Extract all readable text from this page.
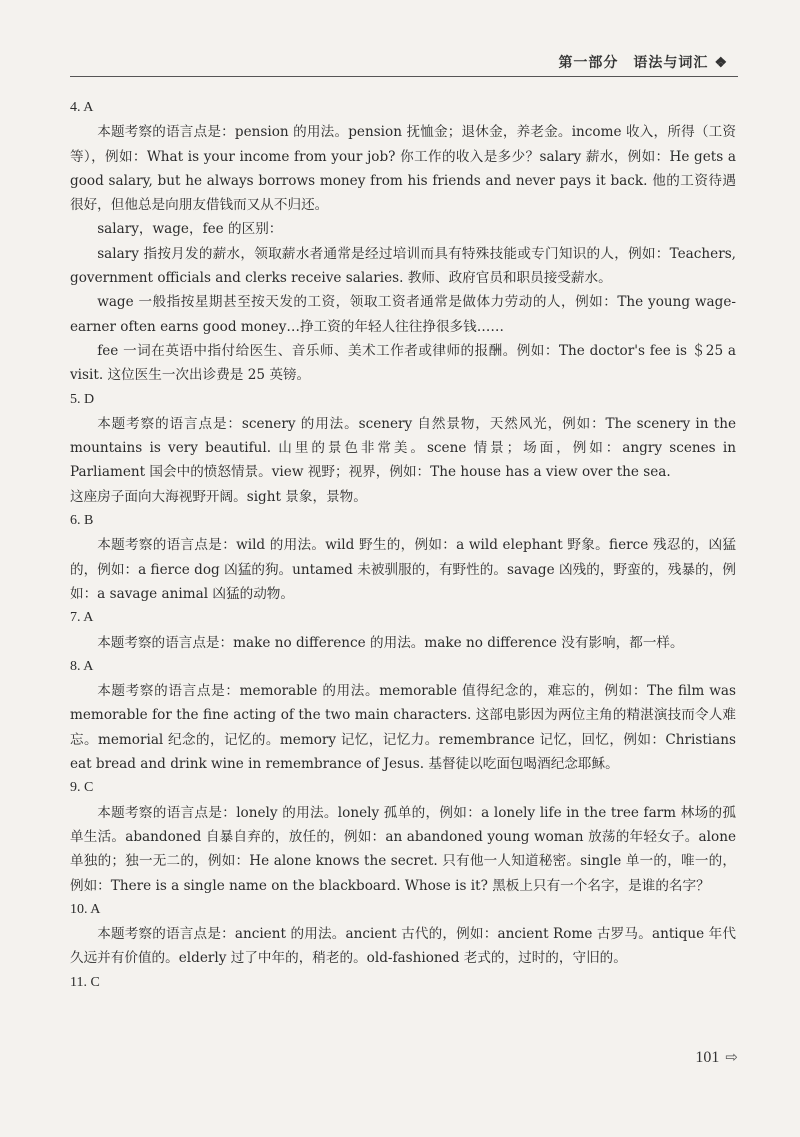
第一部分　语法与词汇 ❖
4. A

本题考察的语言点是：pension 的用法。pension 抚恤金；退休金，养老金。income 收入，所得（工资等），例如：What is your income from your job? 你工作的收入是多少？salary 薪水，例如：He gets a good salary, but he always borrows money from his friends and never pays it back. 他的工资待遇很好，但他总是向朋友借钱而又从不归还。

salary，wage，fee 的区别：

salary 指按月发的薪水，领取薪水者通常是经过培训而具有特殊技能或专门知识的人，例如：Teachers, government officials and clerks receive salaries. 教师、政府官员和职员接受薪水。

wage 一般指按星期甚至按天发的工资，领取工资者通常是做体力劳动的人，例如：The young wage-earner often earns good money…挣工资的年轻人往往挣很多钱……

fee 一词在英语中指付给医生、音乐师、美术工作者或律师的报酬。例如：The doctor's fee is ＄25 a visit. 这位医生一次出诊费是 25 英镑。

5. D

本题考察的语言点是：scenery 的用法。scenery 自然景物，天然风光，例如：The scenery in the mountains is very beautiful. 山里的景色非常美。scene 情景；场面，例如：angry scenes in Parliament 国会中的愤怒情景。view 视野；视界，例如：The house has a view over the sea.

这座房子面向大海视野开阔。sight 景象，景物。

6. B

本题考察的语言点是：wild 的用法。wild 野生的，例如：a wild elephant 野象。fierce 残忍的，凶猛的，例如：a fierce dog 凶猛的狗。untamed 未被驯服的，有野性的。savage 凶残的，野蛮的，残暴的，例如：a savage animal 凶猛的动物。

7. A

本题考察的语言点是：make no difference 的用法。make no difference 没有影响，都一样。

8. A

本题考察的语言点是：memorable 的用法。memorable 值得纪念的，难忘的，例如：The film was memorable for the fine acting of the two main characters. 这部电影因为两位主角的精湛演技而令人难忘。memorial 纪念的，记忆的。memory 记忆，记忆力。remembrance 记忆，回忆，例如：Christians eat bread and drink wine in remembrance of Jesus. 基督徒以吃面包喝酒纪念耶稣。

9. C

本题考察的语言点是：lonely 的用法。lonely 孤单的，例如：a lonely life in the tree farm 林场的孤单生活。abandoned 自暴自弃的，放任的，例如：an abandoned young woman 放荡的年轻女子。alone 单独的；独一无二的，例如：He alone knows the secret. 只有他一人知道秘密。single 单一的，唯一的，例如：There is a single name on the blackboard. Whose is it? 黑板上只有一个名字，是谁的名字？

10. A

本题考察的语言点是：ancient 的用法。ancient 古代的，例如：ancient Rome 古罗马。antique 年代久远并有价值的。elderly 过了中年的，稍老的。old-fashioned 老式的，过时的，守旧的。

11. C
101 ⇨
